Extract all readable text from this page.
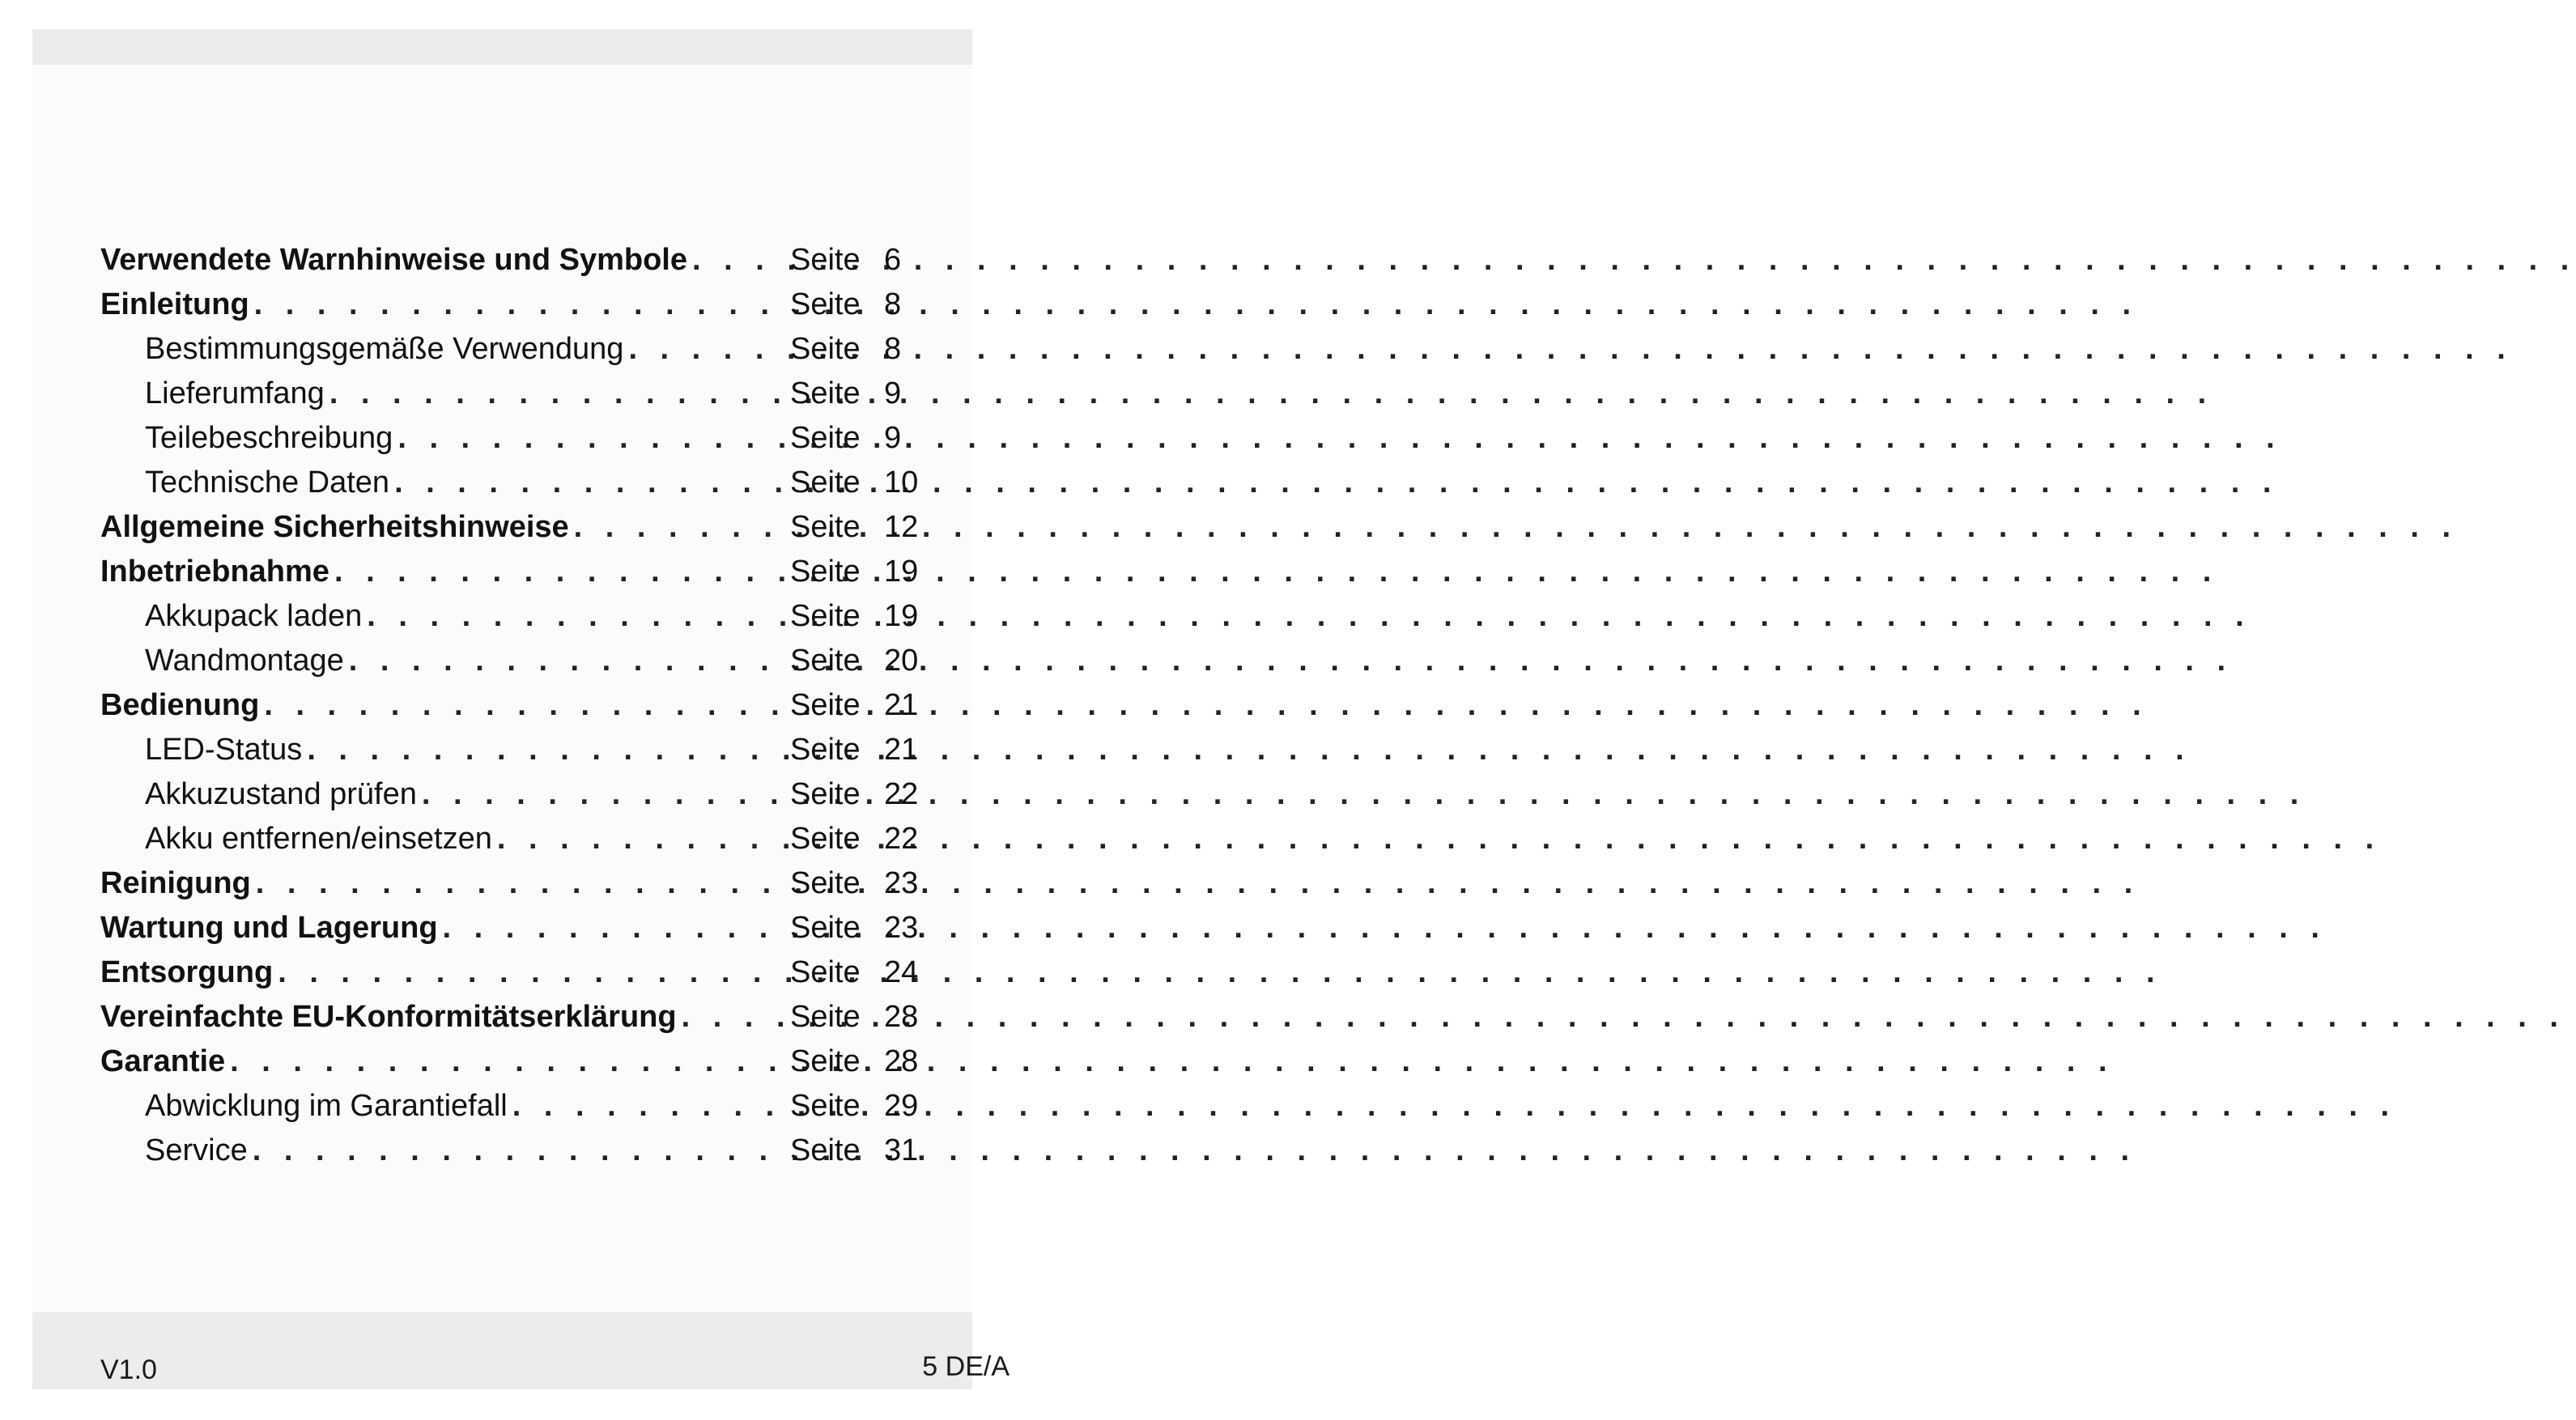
Verwendete Warnhinweise und Symbole . . .	Seite 6
Einleitung . . .	Seite 8
Bestimmungsgemäße Verwendung . . .	Seite 8
Lieferumfang . . .	Seite 9
Teilebeschreibung . . .	Seite 9
Technische Daten . . .	Seite 10
Allgemeine Sicherheitshinweise . . .	Seite 12
Inbetriebnahme . . .	Seite 19
Akkupack laden . . .	Seite 19
Wandmontage . . .	Seite 20
Bedienung . . .	Seite 21
LED-Status . . .	Seite 21
Akkuzustand prüfen . . .	Seite 22
Akku entfernen/einsetzen . . .	Seite 22
Reinigung . . .	Seite 23
Wartung und Lagerung . . .	Seite 23
Entsorgung . . .	Seite 24
Vereinfachte EU-Konformitätserklärung . . .	Seite 28
Garantie . . .	Seite 28
Abwicklung im Garantiefall . . .	Seite 29
Service . . .	Seite 31
V1.0	5 DE/A
